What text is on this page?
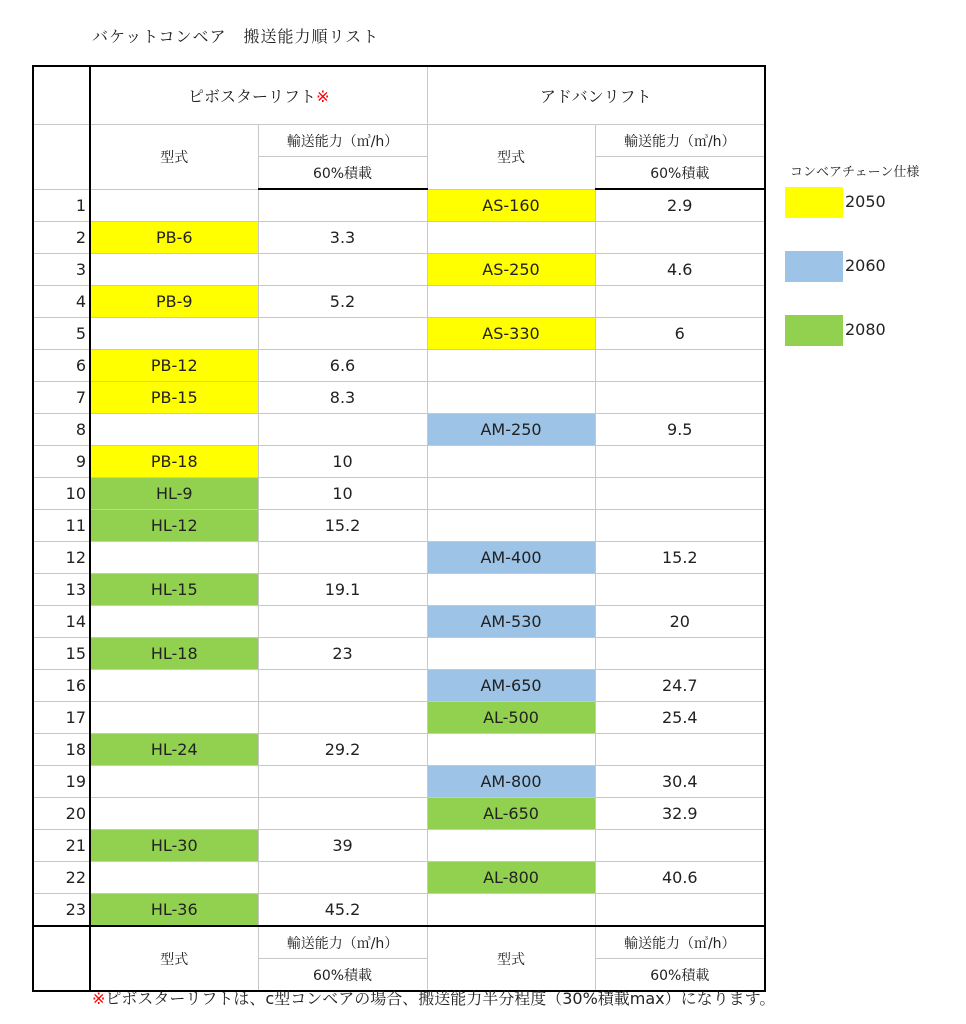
バケットコンベア　搬送能力順リスト
	ピボスターリフト※		アドバンリフト	
	型式	輸送能力（㎥/h）	型式	輸送能力（㎥/h）
		60%積載		60%積載
1			AS-160	2.9
2	PB-6	3.3		
3			AS-250	4.6
4	PB-9	5.2		
5			AS-330	6
6	PB-12	6.6		
7	PB-15	8.3		
8			AM-250	9.5
9	PB-18	10		
10	HL-9	10		
11	HL-12	15.2		
12			AM-400	15.2
13	HL-15	19.1		
14			AM-530	20
15	HL-18	23		
16			AM-650	24.7
17			AL-500	25.4
18	HL-24	29.2		
19			AM-800	30.4
20			AL-650	32.9
21	HL-30	39		
22			AL-800	40.6
23	HL-36	45.2		
	型式	輸送能力（㎥/h）	型式	輸送能力（㎥/h）
		60%積載		60%積載
コンベアチェーン仕様
2050
2060
2080
※ピボスターリフトは、c型コンベアの場合、搬送能力半分程度（30%積載max）になります。
